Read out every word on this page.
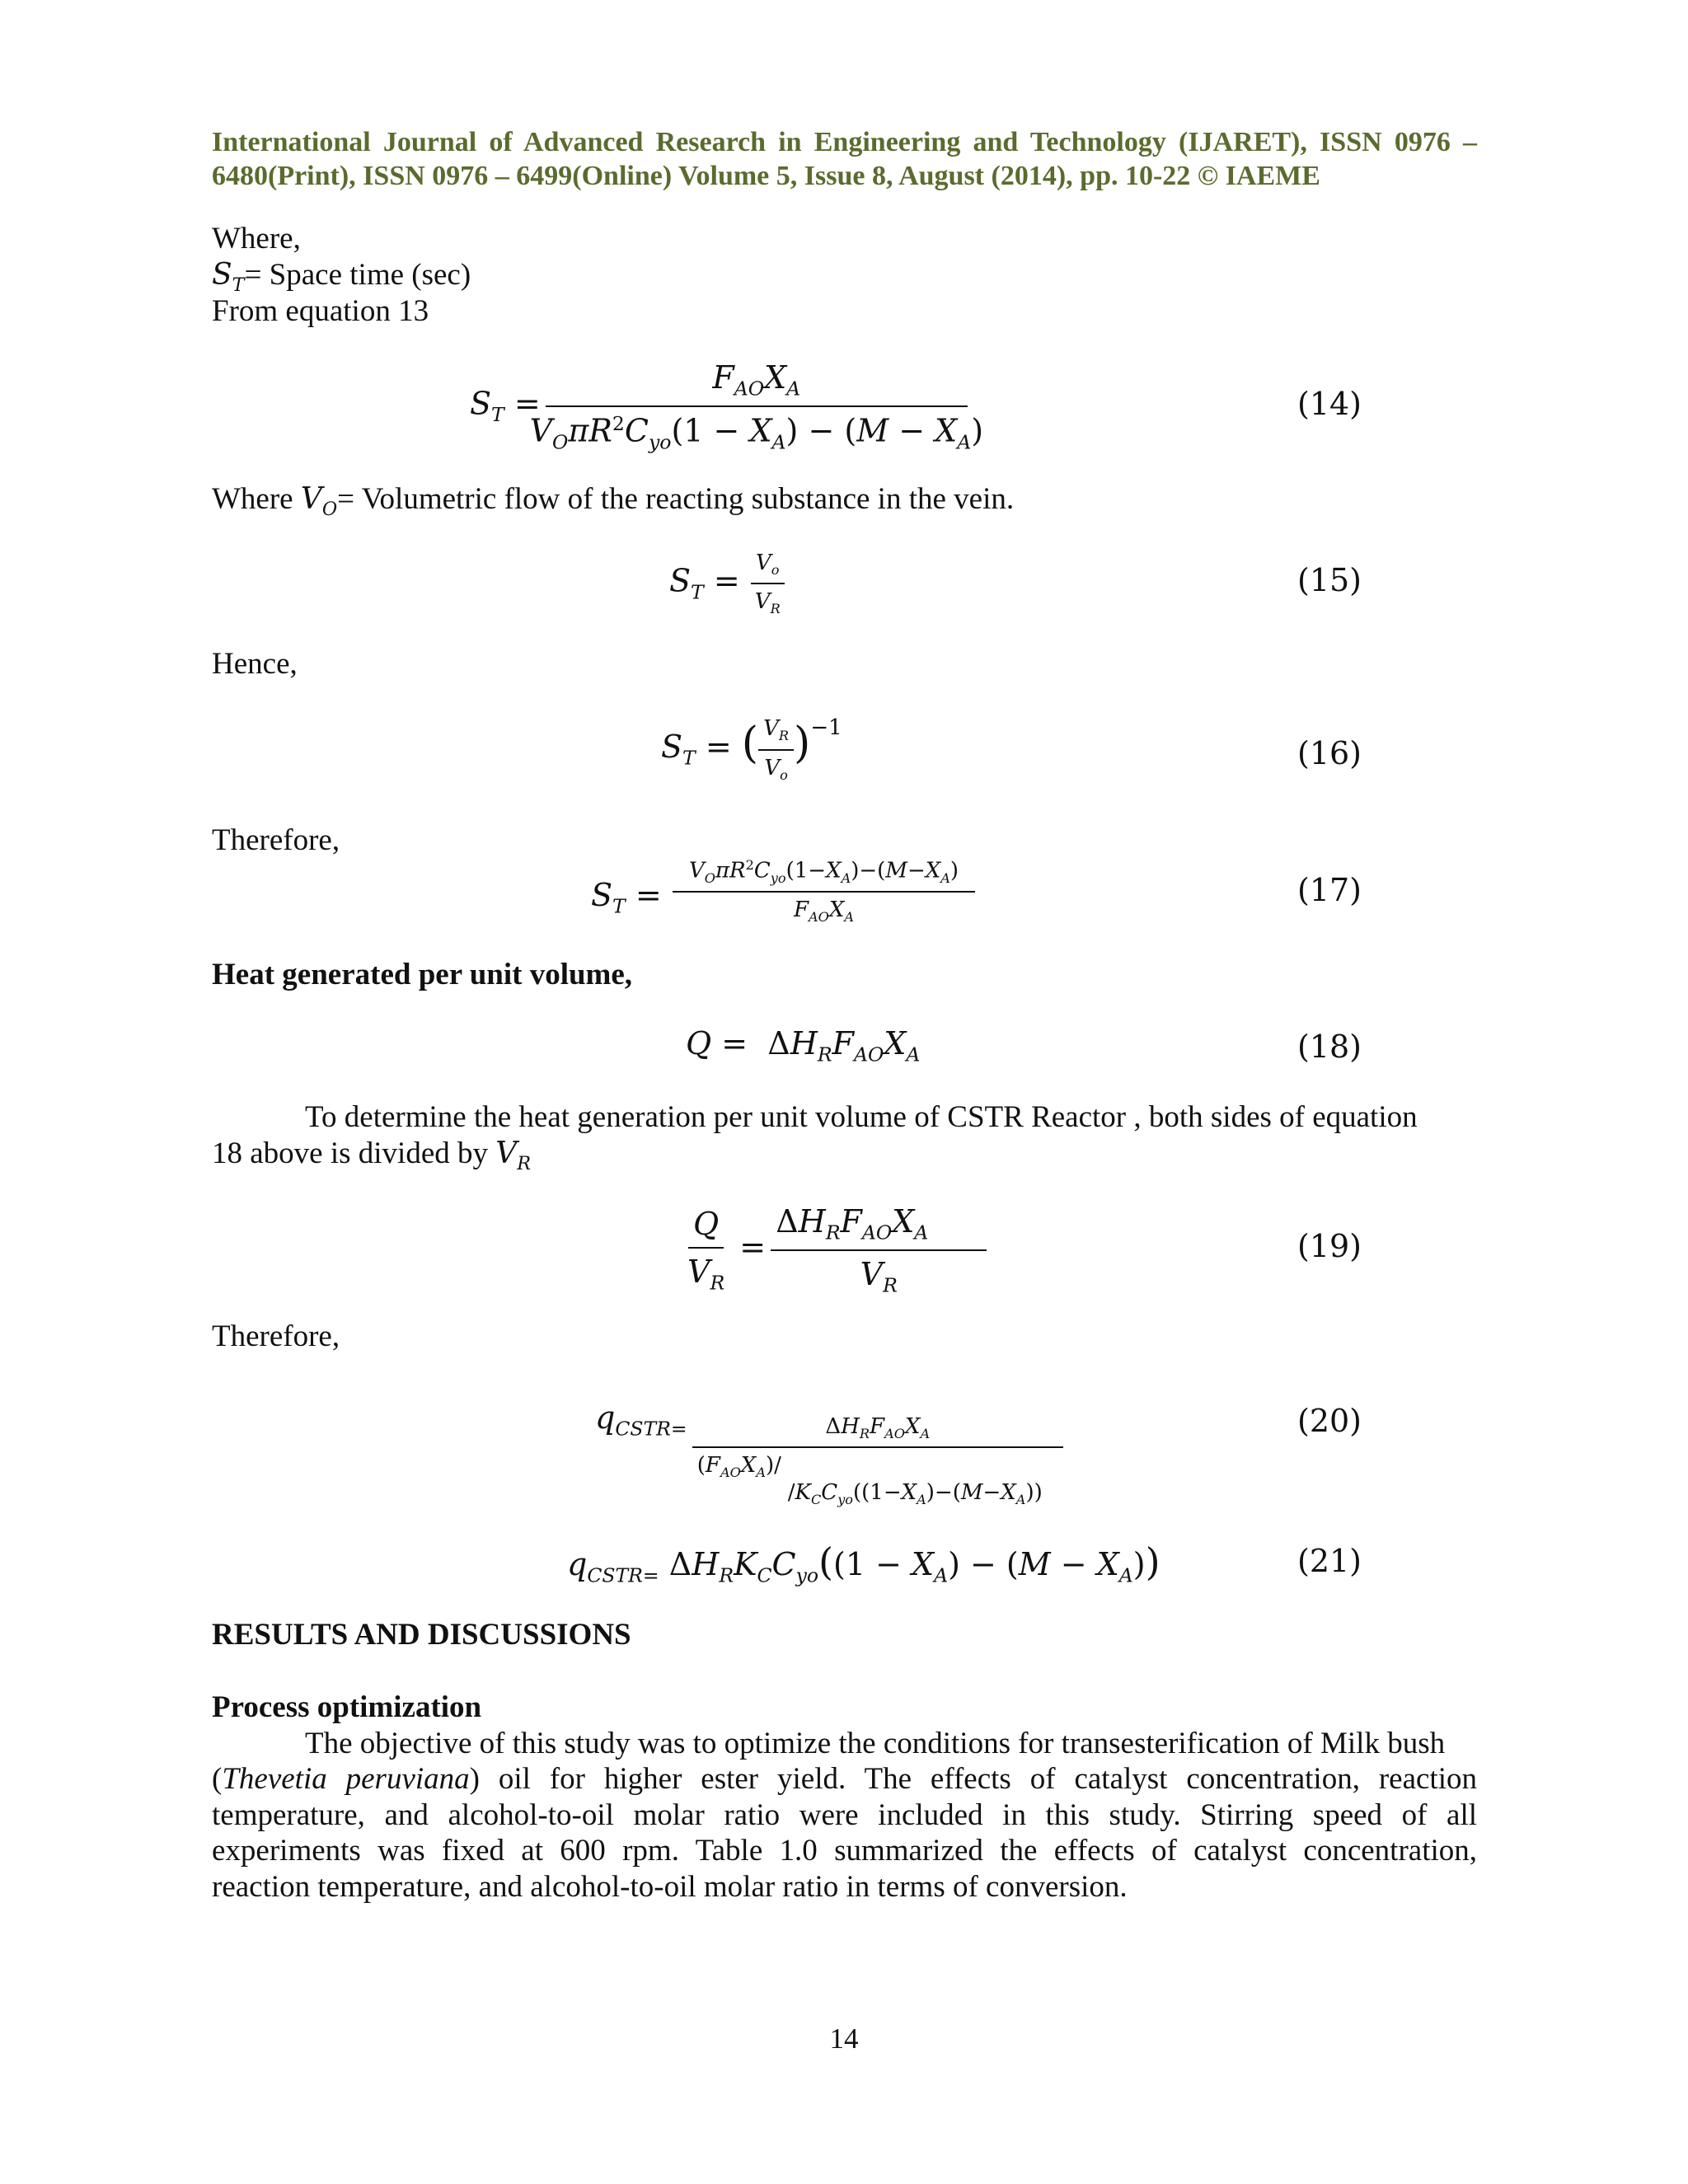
International Journal of Advanced Research in Engineering and Technology (IJARET), ISSN 0976 –
6480(Print), ISSN 0976 – 6499(Online) Volume 5, Issue 8, August (2014), pp. 10-22 © IAEME
Where,
$S_T=$ Space time (sec)
From equation 13
$S_T = \frac{F_{AO}X_A}{V_O\pi R^2C_{yo}(1 - X_A) - (M - X_A)}$	(14)
Where $V_O=$ Volumetric flow of the reacting substance in the vein.
$S_T = \frac{V_o}{V_R}$	(15)
Hence,
$S_T$ = ( $\frac{V_R}{V_o} )^{-1}$
(16)
Therefore,
$S_T = \frac{V_O\pi R^2C_{yo}(1-X_A)-(M-X_A)}{F_{AO}X_A}$	(17)
Heat generated per unit volume,
$Q = \Delta H_RF_{AO}X_A$	(18)
To determine the heat generation per unit volume of CSTR Reactor , both sides of equation
18 above is divided by $V_R$
$\frac{Q}{V_R} = \frac{\Delta H_RF_{AO}X_A}{V_R}$	(19)
Therefore,
$q_{CSTR=}$	$\Delta H_RF_{AO}X_A$
$(F_{AO}X_A)/$
$/K_CC_{yo}((1-X_A)-(M-X_A))$
(20)
$q_{CSTR=}$ $\Delta H_RK_CC_{yo}((1 - X_A) - (M - X_A))$	(21)
RESULTS AND DISCUSSIONS
Process optimization
The objective of this study was to optimize the conditions for transesterification of Milk bush
(Thevetia peruviana) oil for higher ester yield. The effects of catalyst concentration, reaction
temperature, and alcohol-to-oil molar ratio were included in this study. Stirring speed of all
experiments was fixed at 600 rpm. Table 1.0 summarized the effects of catalyst concentration,
reaction temperature, and alcohol-to-oil molar ratio in terms of conversion.
14
